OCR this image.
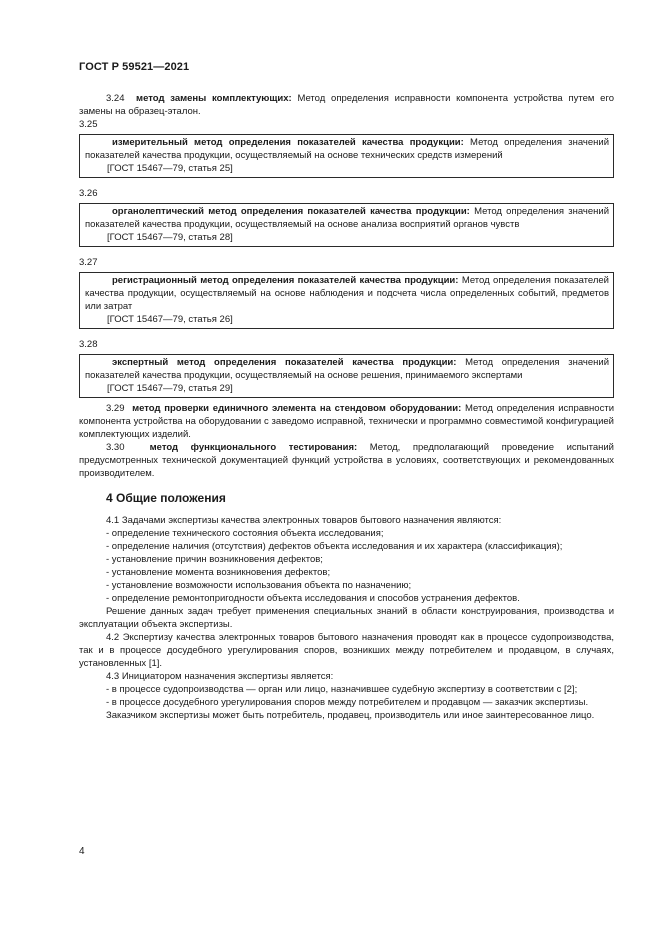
ГОСТ Р 59521—2021

3.24 метод замены комплектующих: Метод определения исправности компонента устройства путем его замены на образец-эталон.

3.25

измерительный метод определения показателей качества продукции: Метод определения значений показателей качества продукции, осуществляемый на основе технических средств измерений

[ГОСТ 15467—79, статья 25]

3.26

органолептический метод определения показателей качества продукции: Метод определения значений показателей качества продукции, осуществляемый на основе анализа восприятий органов чувств

[ГОСТ 15467—79, статья 28]

3.27

регистрационный метод определения показателей качества продукции: Метод определения показателей качества продукции, осуществляемый на основе наблюдения и подсчета числа определенных событий, предметов или затрат

[ГОСТ 15467—79, статья 26]

3.28

экспертный метод определения показателей качества продукции: Метод определения значений показателей качества продукции, осуществляемый на основе решения, принимаемого экспертами

[ГОСТ 15467—79, статья 29]

3.29 метод проверки единичного элемента на стендовом оборудовании: Метод определения исправности компонента устройства на оборудовании с заведомо исправной, технически и программно совместимой конфигурацией комплектующих изделий.

3.30	метод функционального тестирования: Метод, предполагающий проведение испытаний предусмотренных технической документацией функций устройства в условиях, соответствующих и рекомендованных производителем.

4 Общие положения

4.1 Задачами экспертизы качества электронных товаров бытового назначения являются:

- определение технического состояния объекта исследования;

- определение наличия (отсутствия) дефектов объекта исследования и их характера (классификация);

- установление причин возникновения дефектов;

- установление момента возникновения дефектов;

- установление возможности использования объекта по назначению;

- определение ремонтопригодности объекта исследования и способов устранения дефектов.

Решение данных задач требует применения специальных знаний в области конструирования, производства и эксплуатации объекта экспертизы.

4.2 Экспертизу качества электронных товаров бытового назначения проводят как в процессе судопроизводства, так и в процессе досудебного урегулирования споров, возникших между потребителем и продавцом, в случаях, установленных [1].

4.3 Инициатором назначения экспертизы является:

- в процессе судопроизводства — орган или лицо, назначившее судебную экспертизу в соответствии с [2];

- в процессе досудебного урегулирования споров между потребителем и продавцом — заказчик экспертизы.

Заказчиком экспертизы может быть потребитель, продавец, производитель или иное заинтересованное лицо.

4
